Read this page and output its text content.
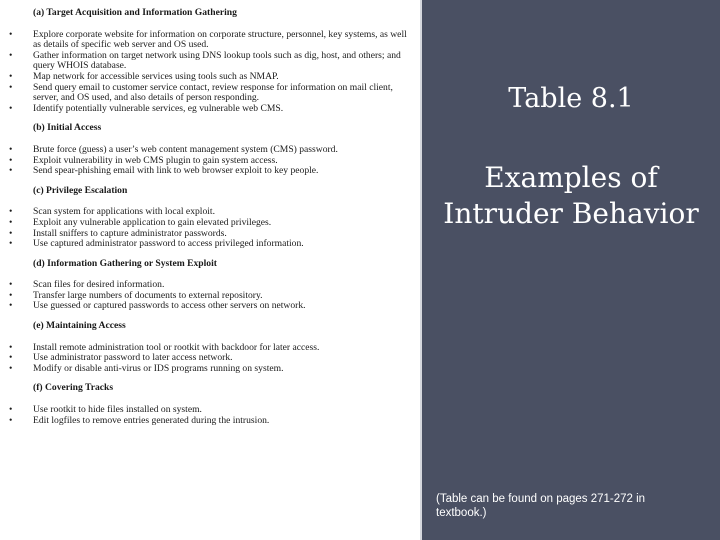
(a) Target Acquisition and Information Gathering
• Explore corporate website for information on corporate structure, personnel, key systems, as well as details of specific web server and OS used.
• Gather information on target network using DNS lookup tools such as dig, host, and others; and query WHOIS database.
• Map network for accessible services using tools such as NMAP.
• Send query email to customer service contact, review response for information on mail client, server, and OS used, and also details of person responding.
• Identify potentially vulnerable services, eg vulnerable web CMS.
(b) Initial Access
• Brute force (guess) a user’s web content management system (CMS) password.
• Exploit vulnerability in web CMS plugin to gain system access.
• Send spear-phishing email with link to web browser exploit to key people.
(c) Privilege Escalation
• Scan system for applications with local exploit.
• Exploit any vulnerable application to gain elevated privileges.
• Install sniffers to capture administrator passwords.
• Use captured administrator password to access privileged information.
(d) Information Gathering or System Exploit
• Scan files for desired information.
• Transfer large numbers of documents to external repository.
• Use guessed or captured passwords to access other servers on network.
(e) Maintaining Access
• Install remote administration tool or rootkit with backdoor for later access.
• Use administrator password to later access network.
• Modify or disable anti-virus or IDS programs running on system.
(f) Covering Tracks
• Use rootkit to hide files installed on system.
• Edit logfiles to remove entries generated during the intrusion.
Table 8.1
Examples of Intruder Behavior
(Table can be found on pages 271-272 in textbook.)
